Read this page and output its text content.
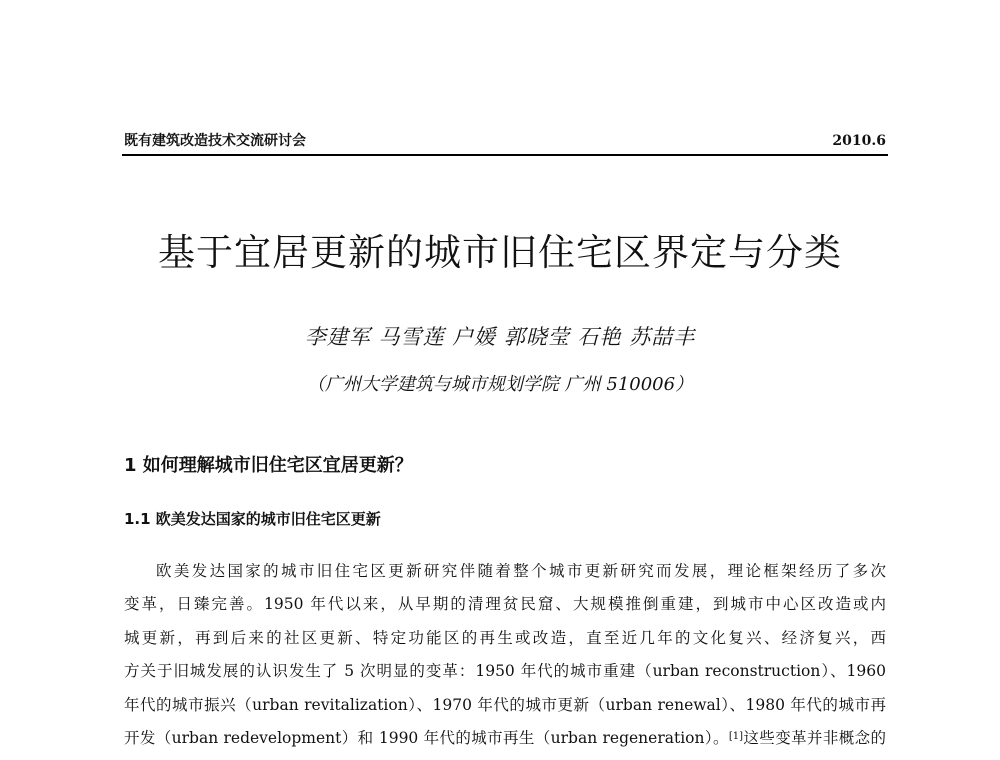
既有建筑改造技术交流研讨会	2010.6
基于宜居更新的城市旧住宅区界定与分类
李建军 马雪莲 户媛 郭晓莹 石艳 苏喆丰
（广州大学建筑与城市规划学院 广州 510006）
1 如何理解城市旧住宅区宜居更新？
1.1 欧美发达国家的城市旧住宅区更新
欧美发达国家的城市旧住宅区更新研究伴随着整个城市更新研究而发展，理论框架经历了多次
变革，日臻完善。1950 年代以来，从早期的清理贫民窟、大规模推倒重建，到城市中心区改造或内
城更新，再到后来的社区更新、特定功能区的再生或改造，直至近几年的文化复兴、经济复兴，西
方关于旧城发展的认识发生了 5 次明显的变革：1950 年代的城市重建（urban reconstruction）、1960
年代的城市振兴（urban revitalization）、1970 年代的城市更新（urban renewal）、1980 年代的城市再
开发（urban redevelopment）和 1990 年代的城市再生（urban regeneration）。[1]这些变革并非概念的
